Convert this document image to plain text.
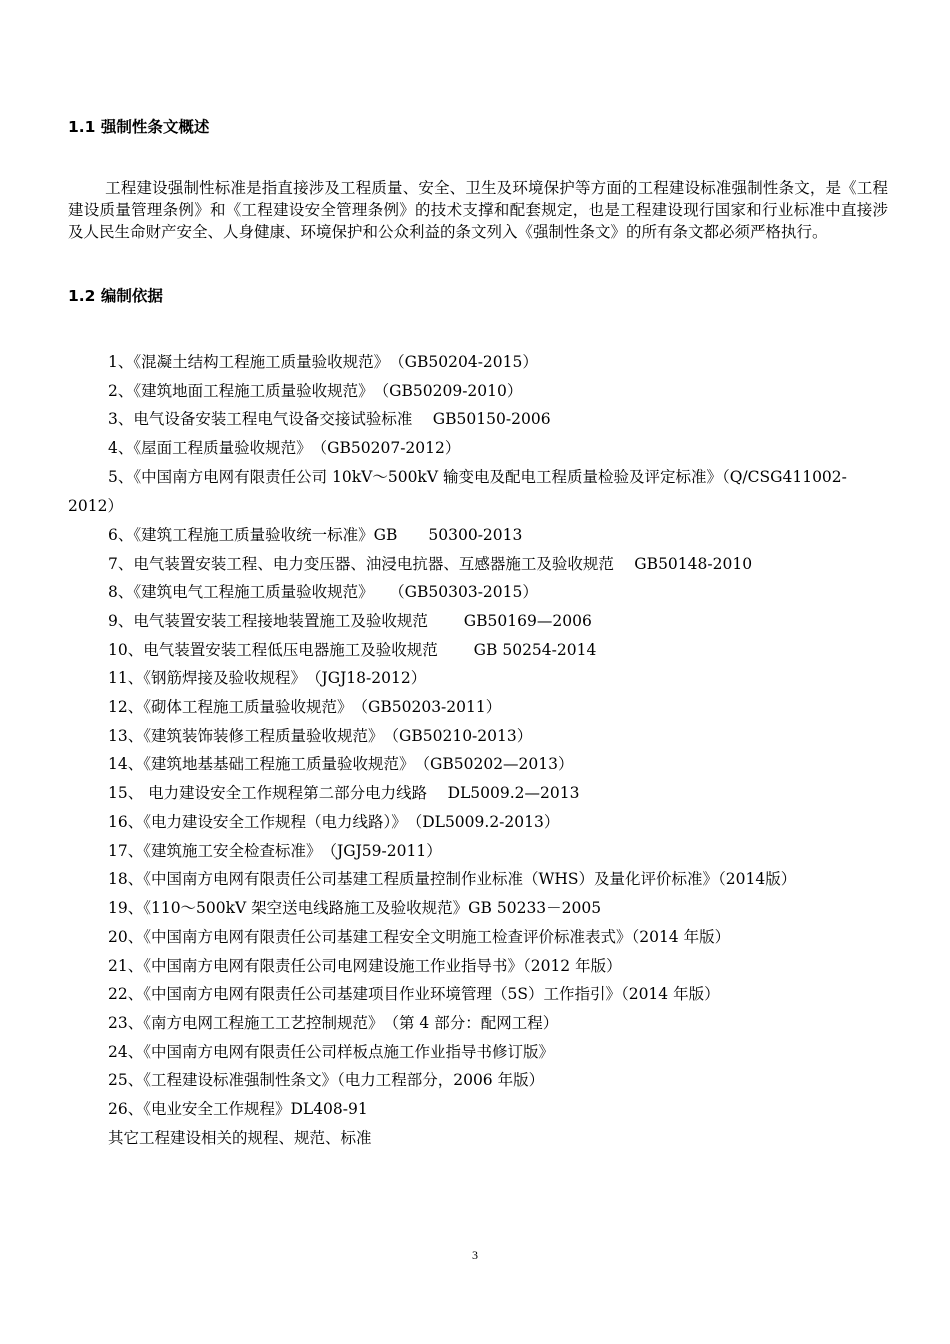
1.1 强制性条文概述
工程建设强制性标准是指直接涉及工程质量、安全、卫生及环境保护等方面的工程建设标准强制性条文，是《工程建设质量管理条例》和《工程建设安全管理条例》的技术支撑和配套规定，也是工程建设现行国家和行业标准中直接涉及人民生命财产安全、人身健康、环境保护和公众利益的条文列入《强制性条文》的所有条文都必须严格执行。
1.2 编制依据
1、《混凝土结构工程施工质量验收规范》　（GB50204-2015）
2、《建筑地面工程施工质量验收规范》　（GB50209-2010）
3、电气设备安装工程电气设备交接试验标准　 GB50150-2006
4、《屋面工程质量验收规范》　（GB50207-2012）
5、《中国南方电网有限责任公司 10kV～500kV 输变电及配电工程质量检验及评定标准》（Q/CSG411002-2012）
6、《建筑工程施工质量验收统一标准》GB　　50300-2013
7、电气装置安装工程、电力变压器、油浸电抗器、互感器施工及验收规范　 GB50148-2010
8、《建筑电气工程施工质量验收规范》　　（GB50303-2015）
9、电气装置安装工程接地装置施工及验收规范　　 GB50169—2006
10、电气装置安装工程低压电器施工及验收规范　　 GB 50254-2014
11、《钢筋焊接及验收规程》　（JGJ18-2012）
12、《砌体工程施工质量验收规范》　（GB50203-2011）
13、《建筑装饰装修工程质量验收规范》　（GB50210-2013）
14、《建筑地基基础工程施工质量验收规范》　（GB50202—2013）
15、 电力建设安全工作规程第二部分电力线路　 DL5009.2—2013
16、《电力建设安全工作规程（电力线路）》　（DL5009.2-2013）
17、《建筑施工安全检查标准》　（JGJ59-2011）
18、《中国南方电网有限责任公司基建工程质量控制作业标准（WHS）及量化评价标准》（2014版）
19、《110～500kV 架空送电线路施工及验收规范》GB 50233－2005
20、《中国南方电网有限责任公司基建工程安全文明施工检查评价标准表式》（2014 年版）
21、《中国南方电网有限责任公司电网建设施工作业指导书》（2012 年版）
22、《中国南方电网有限责任公司基建项目作业环境管理（5S）工作指引》（2014 年版）
23、《南方电网工程施工工艺控制规范》　（第 4 部分：配网工程）
24、《中国南方电网有限责任公司样板点施工作业指导书修订版》
25、《工程建设标准强制性条文》（电力工程部分，2006 年版）
26、《电业安全工作规程》DL408-91
其它工程建设相关的规程、规范、标准
3
